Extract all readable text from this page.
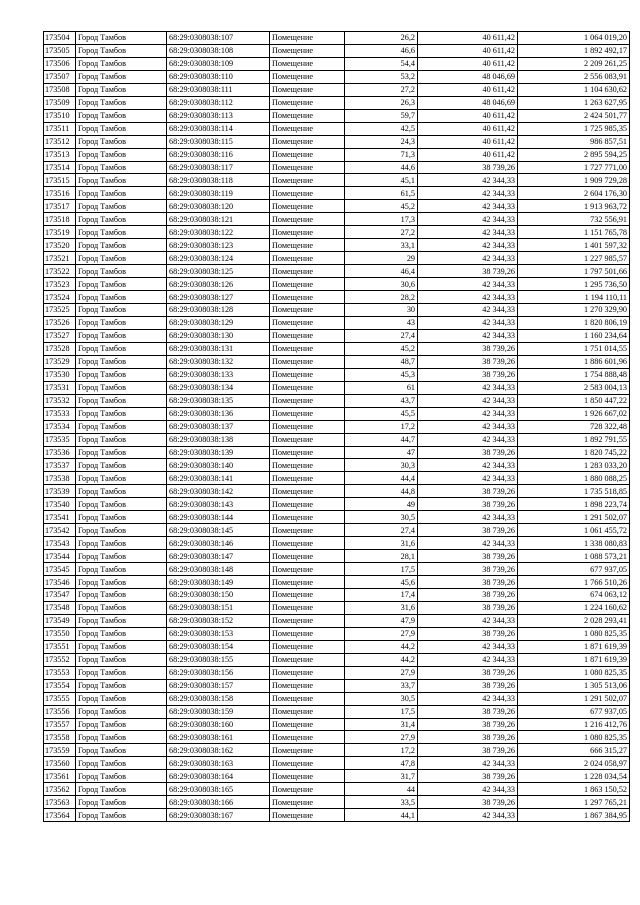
173504	Город Тамбов	68:29:0308038:107	Помещение	26,2	40 611,42	1 064 019,20
173505	Город Тамбов	68:29:0308038:108	Помещение	46,6	40 611,42	1 892 492,17
173506	Город Тамбов	68:29:0308038:109	Помещение	54,4	40 611,42	2 209 261,25
173507	Город Тамбов	68:29:0308038:110	Помещение	53,2	48 046,69	2 556 083,91
173508	Город Тамбов	68:29:0308038:111	Помещение	27,2	40 611,42	1 104 630,62
173509	Город Тамбов	68:29:0308038:112	Помещение	26,3	48 046,69	1 263 627,95
173510	Город Тамбов	68:29:0308038:113	Помещение	59,7	40 611,42	2 424 501,77
173511	Город Тамбов	68:29:0308038:114	Помещение	42,5	40 611,42	1 725 985,35
173512	Город Тамбов	68:29:0308038:115	Помещение	24,3	40 611,42	986 857,51
173513	Город Тамбов	68:29:0308038:116	Помещение	71,3	40 611,42	2 895 594,25
173514	Город Тамбов	68:29:0308038:117	Помещение	44,6	38 739,26	1 727 771,00
173515	Город Тамбов	68:29:0308038:118	Помещение	45,1	42 344,33	1 909 729,28
173516	Город Тамбов	68:29:0308038:119	Помещение	61,5	42 344,33	2 604 176,30
173517	Город Тамбов	68:29:0308038:120	Помещение	45,2	42 344,33	1 913 963,72
173518	Город Тамбов	68:29:0308038:121	Помещение	17,3	42 344,33	732 556,91
173519	Город Тамбов	68:29:0308038:122	Помещение	27,2	42 344,33	1 151 765,78
173520	Город Тамбов	68:29:0308038:123	Помещение	33,1	42 344,33	1 401 597,32
173521	Город Тамбов	68:29:0308038:124	Помещение	29	42 344,33	1 227 985,57
173522	Город Тамбов	68:29:0308038:125	Помещение	46,4	38 739,26	1 797 501,66
173523	Город Тамбов	68:29:0308038:126	Помещение	30,6	42 344,33	1 295 736,50
173524	Город Тамбов	68:29:0308038:127	Помещение	28,2	42 344,33	1 194 110,11
173525	Город Тамбов	68:29:0308038:128	Помещение	30	42 344,33	1 270 329,90
173526	Город Тамбов	68:29:0308038:129	Помещение	43	42 344,33	1 820 806,19
173527	Город Тамбов	68:29:0308038:130	Помещение	27,4	42 344,33	1 160 234,64
173528	Город Тамбов	68:29:0308038:131	Помещение	45,2	38 739,26	1 751 014,55
173529	Город Тамбов	68:29:0308038:132	Помещение	48,7	38 739,26	1 886 601,96
173530	Город Тамбов	68:29:0308038:133	Помещение	45,3	38 739,26	1 754 888,48
173531	Город Тамбов	68:29:0308038:134	Помещение	61	42 344,33	2 583 004,13
173532	Город Тамбов	68:29:0308038:135	Помещение	43,7	42 344,33	1 850 447,22
173533	Город Тамбов	68:29:0308038:136	Помещение	45,5	42 344,33	1 926 667,02
173534	Город Тамбов	68:29:0308038:137	Помещение	17,2	42 344,33	728 322,48
173535	Город Тамбов	68:29:0308038:138	Помещение	44,7	42 344,33	1 892 791,55
173536	Город Тамбов	68:29:0308038:139	Помещение	47	38 739,26	1 820 745,22
173537	Город Тамбов	68:29:0308038:140	Помещение	30,3	42 344,33	1 283 033,20
173538	Город Тамбов	68:29:0308038:141	Помещение	44,4	42 344,33	1 880 088,25
173539	Город Тамбов	68:29:0308038:142	Помещение	44,8	38 739,26	1 735 518,85
173540	Город Тамбов	68:29:0308038:143	Помещение	49	38 739,26	1 898 223,74
173541	Город Тамбов	68:29:0308038:144	Помещение	30,5	42 344,33	1 291 502,07
173542	Город Тамбов	68:29:0308038:145	Помещение	27,4	38 739,26	1 061 455,72
173543	Город Тамбов	68:29:0308038:146	Помещение	31,6	42 344,33	1 338 080,83
173544	Город Тамбов	68:29:0308038:147	Помещение	28,1	38 739,26	1 088 573,21
173545	Город Тамбов	68:29:0308038:148	Помещение	17,5	38 739,26	677 937,05
173546	Город Тамбов	68:29:0308038:149	Помещение	45,6	38 739,26	1 766 510,26
173547	Город Тамбов	68:29:0308038:150	Помещение	17,4	38 739,26	674 063,12
173548	Город Тамбов	68:29:0308038:151	Помещение	31,6	38 739,26	1 224 160,62
173549	Город Тамбов	68:29:0308038:152	Помещение	47,9	42 344,33	2 028 293,41
173550	Город Тамбов	68:29:0308038:153	Помещение	27,9	38 739,26	1 080 825,35
173551	Город Тамбов	68:29:0308038:154	Помещение	44,2	42 344,33	1 871 619,39
173552	Город Тамбов	68:29:0308038:155	Помещение	44,2	42 344,33	1 871 619,39
173553	Город Тамбов	68:29:0308038:156	Помещение	27,9	38 739,26	1 080 825,35
173554	Город Тамбов	68:29:0308038:157	Помещение	33,7	38 739,26	1 305 513,06
173555	Город Тамбов	68:29:0308038:158	Помещение	30,5	42 344,33	1 291 502,07
173556	Город Тамбов	68:29:0308038:159	Помещение	17,5	38 739,26	677 937,05
173557	Город Тамбов	68:29:0308038:160	Помещение	31,4	38 739,26	1 216 412,76
173558	Город Тамбов	68:29:0308038:161	Помещение	27,9	38 739,26	1 080 825,35
173559	Город Тамбов	68:29:0308038:162	Помещение	17,2	38 739,26	666 315,27
173560	Город Тамбов	68:29:0308038:163	Помещение	47,8	42 344,33	2 024 058,97
173561	Город Тамбов	68:29:0308038:164	Помещение	31,7	38 739,26	1 228 034,54
173562	Город Тамбов	68:29:0308038:165	Помещение	44	42 344,33	1 863 150,52
173563	Город Тамбов	68:29:0308038:166	Помещение	33,5	38 739,26	1 297 765,21
173564	Город Тамбов	68:29:0308038:167	Помещение	44,1	42 344,33	1 867 384,95
